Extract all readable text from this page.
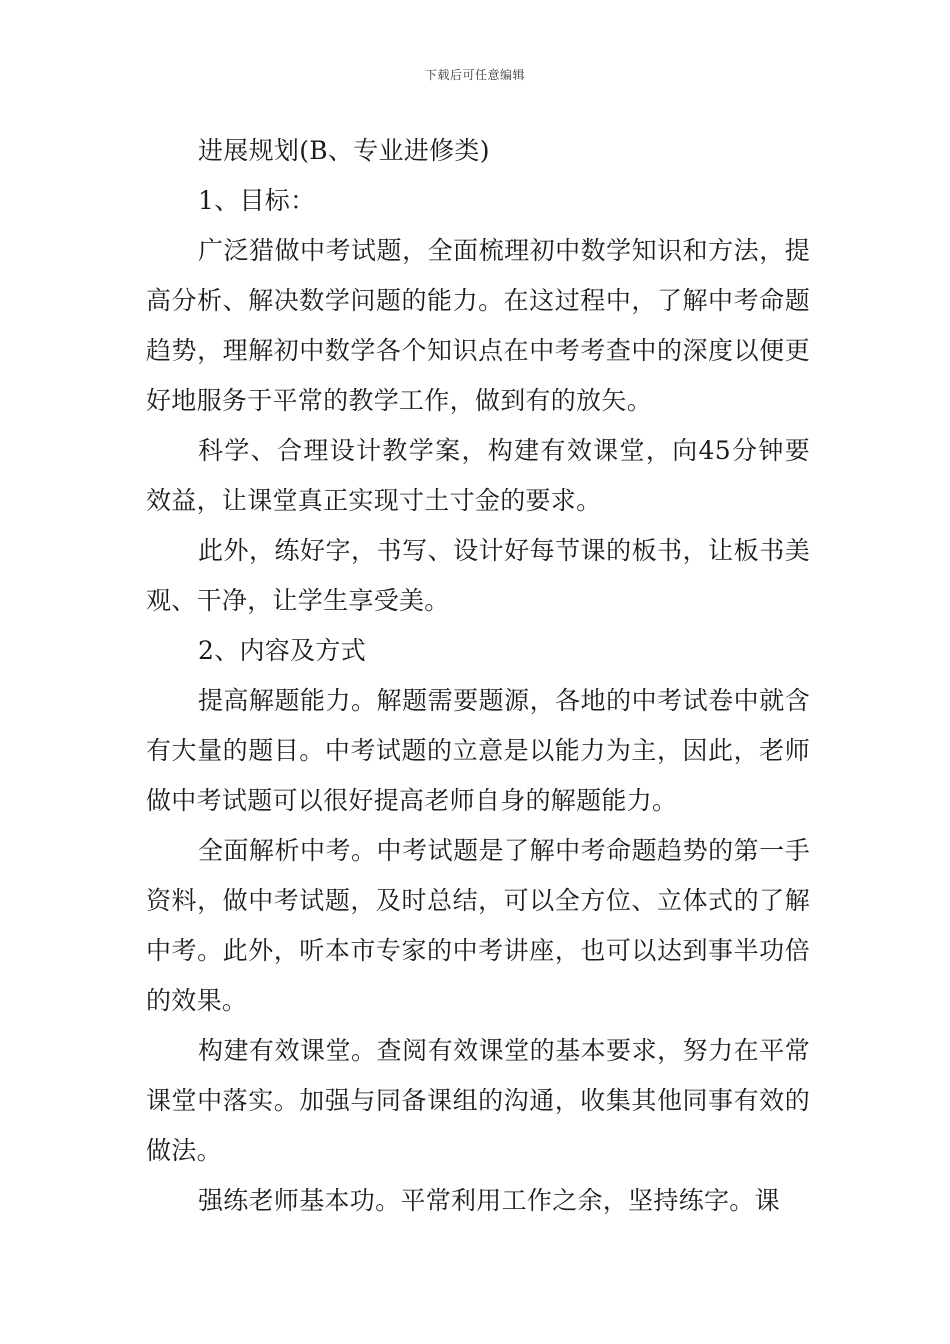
下载后可任意编辑

进展规划(B、专业进修类)

1、目标：

广泛猎做中考试题，全面梳理初中数学知识和方法，提高分析、解决数学问题的能力。在这过程中，了解中考命题趋势，理解初中数学各个知识点在中考考查中的深度以便更好地服务于平常的教学工作，做到有的放矢。

科学、合理设计教学案，构建有效课堂，向45分钟要效益，让课堂真正实现寸土寸金的要求。

此外，练好字，书写、设计好每节课的板书，让板书美观、干净，让学生享受美。

2、内容及方式

提高解题能力。解题需要题源，各地的中考试卷中就含有大量的题目。中考试题的立意是以能力为主，因此，老师做中考试题可以很好提高老师自身的解题能力。

全面解析中考。中考试题是了解中考命题趋势的第一手资料，做中考试题，及时总结，可以全方位、立体式的了解中考。此外，听本市专家的中考讲座，也可以达到事半功倍的效果。

构建有效课堂。查阅有效课堂的基本要求，努力在平常课堂中落实。加强与同备课组的沟通，收集其他同事有效的做法。

强练老师基本功。平常利用工作之余，坚持练字。课
